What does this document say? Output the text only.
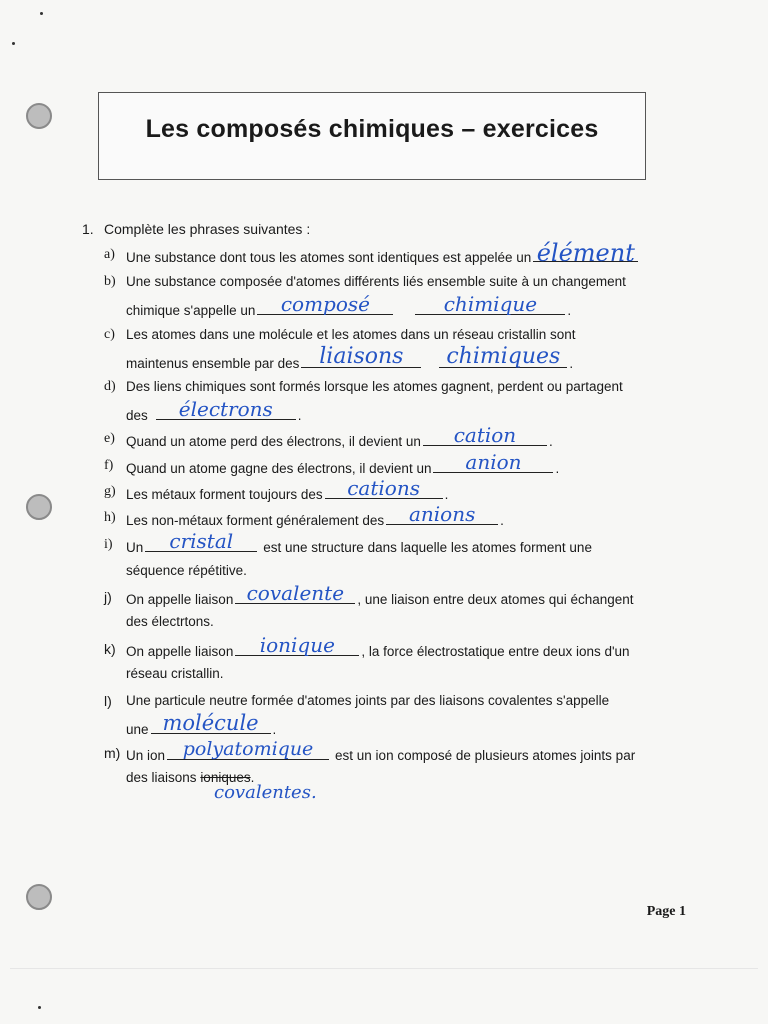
Les composés chimiques – exercices
1. Complète les phrases suivantes :
a) Une substance dont tous les atomes sont identiques est appelée un élément
b) Une substance composée d'atomes différents liés ensemble suite à un changement
chimique s'appelle un	composé	chimique	.
c) Les atomes dans une molécule et les atomes dans un réseau cristallin sont
maintenus ensemble par des liaisons	chimiques .
d) Des liens chimiques sont formés lorsque les atomes gagnent, perdent ou partagent
des	électrons	.
e) Quand un atome perd des électrons, il devient un	cation	.
f) Quand un atome gagne des électrons, il devient un	anion	.
g) Les métaux forment toujours des	cations	.
h) Les non-métaux forment généralement des	anions	.
i) Un	cristal	est une structure dans laquelle les atomes forment une
séquence répétitive.
j) On appelle liaison covalente , une liaison entre deux atomes qui échangent
des électrtons.
k) On appelle liaison	ionique	, la force électrostatique entre deux ions d'un
réseau cristallin.
l) Une particule neutre formée d'atomes joints par des liaisons covalentes s'appelle
une molécule	.
m) Un ion polyatomique	est un ion composé de plusieurs atomes joints par
des liaisons ioniques.
covalentes.
Page 1
